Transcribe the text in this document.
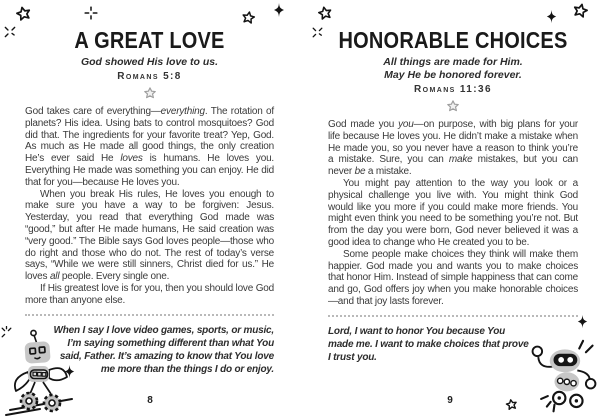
A GREAT LOVE
God showed His love to us.
Romans 5:8

God takes care of everything—everything. The rotation of planets? His idea. Using bats to control mosquitoes? God did that. The ingredients for your favorite treat? Yep, God. As much as He made all good things, the only creation He’s ever said He loves is humans. He loves you. Everything He made was something you can enjoy. He did that for you—because He loves you.

When you break His rules, He loves you enough to make sure you have a way to be forgiven: Jesus. Yesterday, you read that everything God made was “good,” but after He made humans, He said creation was “very good.” The Bible says God loves people—those who do right and those who do not. The rest of today’s verse says, “While we were still sinners, Christ died for us.” He loves all people. Every single one.

If His greatest love is for you, then you should love God more than anyone else.

When I say I love video games, sports, or music, I’m saying something different than what You said, Father. It’s amazing to know that You love me more than the things I do or enjoy.
8
HONORABLE CHOICES
All things are made for Him.
May He be honored forever.
Romans 11:36

God made you you—on purpose, with big plans for your life because He loves you. He didn’t make a mistake when He made you, so you never have a reason to think you’re a mistake. Sure, you can make mistakes, but you can never be a mistake.

You might pay attention to the way you look or a physical challenge you live with. You might think God would like you more if you could make more friends. You might even think you need to be something you’re not. But from the day you were born, God never believed it was a good idea to change who He created you to be.

Some people make choices they think will make them happier. God made you and wants you to make choices that honor Him. Instead of simple happiness that can come and go, God offers joy when you make honorable choices—and that joy lasts forever.

Lord, I want to honor You because You made me. I want to make choices that prove I trust you.
9
